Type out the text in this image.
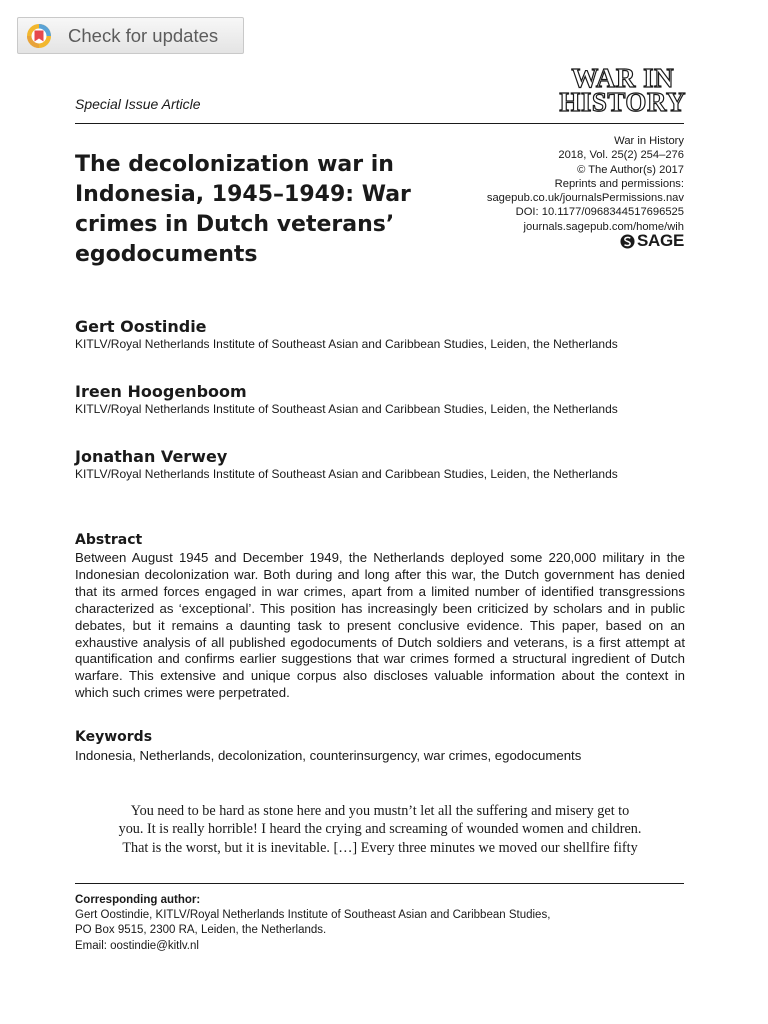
Check for updates
WAR IN
HISTORY
Special Issue Article
The decolonization war in Indonesia, 1945–1949: War crimes in Dutch veterans’ egodocuments
War in History
2018, Vol. 25(2) 254–276
© The Author(s) 2017
Reprints and permissions:
sagepub.co.uk/journalsPermissions.nav
DOI: 10.1177/0968344517696525
journals.sagepub.com/home/wih
SAGE
Gert Oostindie
KITLV/Royal Netherlands Institute of Southeast Asian and Caribbean Studies, Leiden, the Netherlands
Ireen Hoogenboom
KITLV/Royal Netherlands Institute of Southeast Asian and Caribbean Studies, Leiden, the Netherlands
Jonathan Verwey
KITLV/Royal Netherlands Institute of Southeast Asian and Caribbean Studies, Leiden, the Netherlands
Abstract

Between August 1945 and December 1949, the Netherlands deployed some 220,000 military in the Indonesian decolonization war. Both during and long after this war, the Dutch government has denied that its armed forces engaged in war crimes, apart from a limited number of identified transgressions characterized as ‘exceptional’. This position has increasingly been criticized by scholars and in public debates, but it remains a daunting task to present conclusive evidence. This paper, based on an exhaustive analysis of all published egodocuments of Dutch soldiers and veterans, is a first attempt at quantification and confirms earlier suggestions that war crimes formed a structural ingredient of Dutch warfare. This extensive and unique corpus also discloses valuable information about the context in which such crimes were perpetrated.

Keywords

Indonesia, Netherlands, decolonization, counterinsurgency, war crimes, egodocuments

You need to be hard as stone here and you mustn’t let all the suffering and misery get to
you. It is really horrible! I heard the crying and screaming of wounded women and children.
That is the worst, but it is inevitable. […] Every three minutes we moved our shellfire fifty
Corresponding author:
Gert Oostindie, KITLV/Royal Netherlands Institute of Southeast Asian and Caribbean Studies,
PO Box 9515, 2300 RA, Leiden, the Netherlands.
Email: oostindie@kitlv.nl
